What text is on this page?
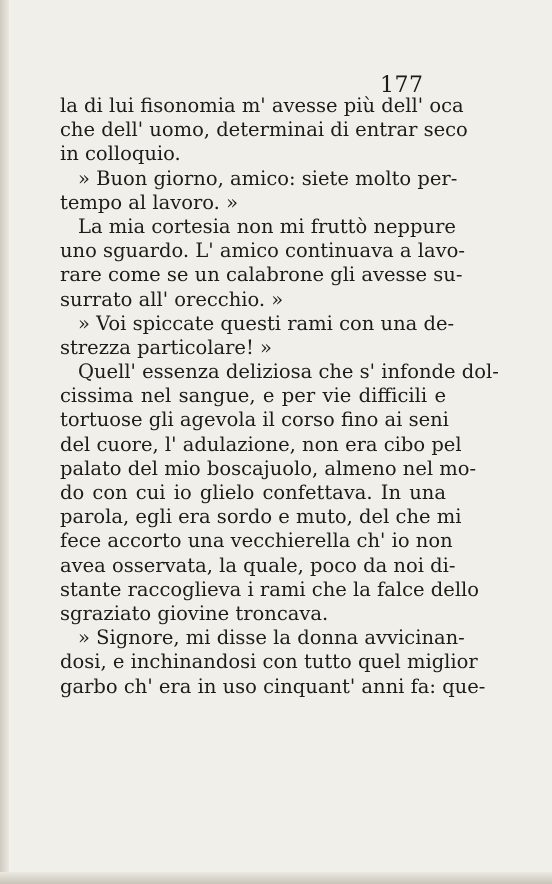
177
la di lui fisonomia m' avesse più dell' oca
che dell' uomo, determinai di entrar seco
in colloquio.
» Buon giorno, amico: siete molto per-
tempo al lavoro. »
La mia cortesia non mi fruttò neppure
uno sguardo. L' amico continuava a lavo-
rare come se un calabrone gli avesse su-
surrato all' orecchio. »
» Voi spiccate questi rami con una de-
strezza particolare! »
Quell' essenza deliziosa che s' infonde dol-
cissima nel sangue, e per vie difficili e
tortuose gli agevola il corso fino ai seni
del cuore, l' adulazione, non era cibo pel
palato del mio boscajuolo, almeno nel mo-
do con cui io glielo confettava. In una
parola, egli era sordo e muto, del che mi
fece accorto una vecchierella ch' io non
avea osservata, la quale, poco da noi di-
stante raccoglieva i rami che la falce dello
sgraziato giovine troncava.
» Signore, mi disse la donna avvicinan-
dosi, e inchinandosi con tutto quel miglior
garbo ch' era in uso cinquant' anni fa: que-
